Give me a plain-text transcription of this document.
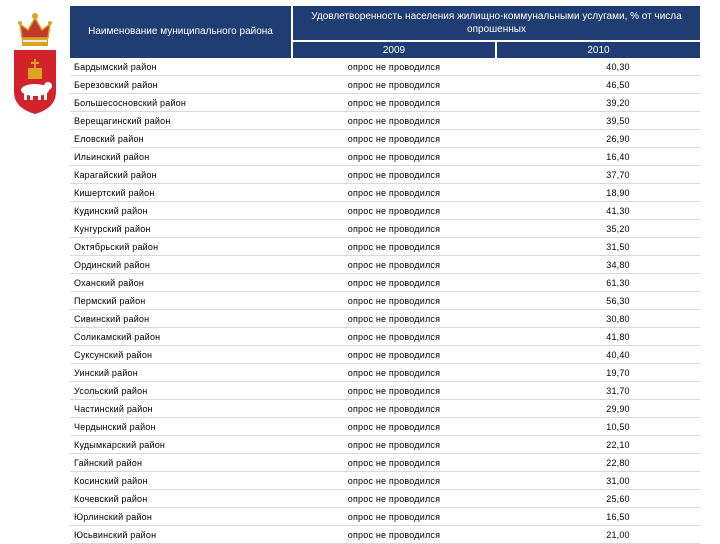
Наименование муниципального района	Удовлетворенность населения жилищно-коммунальными услугами, % от числа опрошенных	
	2009	2010
Бардымский район	опрос не проводился	40,30
Березовский район	опрос не проводился	46,50
Большесосновский район	опрос не проводился	39,20
Верещагинский район	опрос не проводился	39,50
Еловский район	опрос не проводился	26,90
Ильинский район	опрос не проводился	16,40
Карагайский район	опрос не проводился	37,70
Кишертский район	опрос не проводился	18,90
Кудинский район	опрос не проводился	41,30
Кунгурский район	опрос не проводился	35,20
Октябрьский район	опрос не проводился	31,50
Ординский район	опрос не проводился	34,80
Оханский район	опрос не проводился	61,30
Пермский район	опрос не проводился	56,30
Сивинский район	опрос не проводился	30,80
Соликамский район	опрос не проводился	41,80
Суксунский район	опрос не проводился	40,40
Уинский район	опрос не проводился	19,70
Усольский район	опрос не проводился	31,70
Частинский район	опрос не проводился	29,90
Чердынский район	опрос не проводился	10,50
Кудымкарский район	опрос не проводился	22,10
Гайнский район	опрос не проводился	22,80
Косинский район	опрос не проводился	31,00
Кочевский район	опрос не проводился	25,60
Юрлинский район	опрос не проводился	16,50
Юсьвинский район	опрос не проводился	21,00
